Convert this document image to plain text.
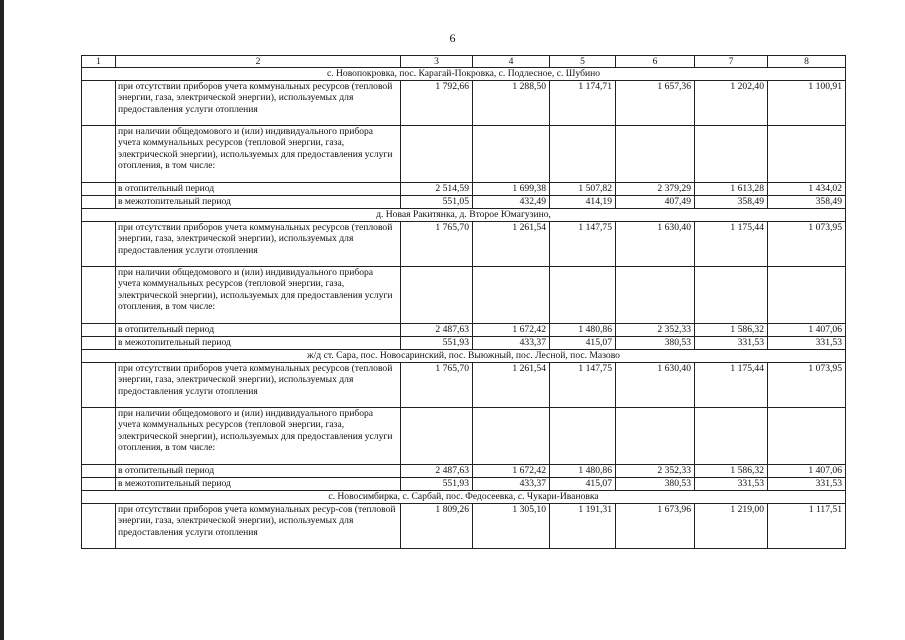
6
1	2	3	4	5	6	7	8
с. Новопокровка, пос. Карагай-Покровка, с. Подлесное, с. Шубино							
	при отсутствии приборов учета коммунальных ресурсов (тепловой энергии, газа, электрической энергии), используемых для предоставления услуги отопления	1 792,66	1 288,50	1 174,71	1 657,36	1 202,40	1 100,91
	при наличии общедомового и (или) индивидуального прибора учета коммунальных ресурсов (тепловой энергии, газа, электрической энергии), используемых для предоставления услуги отопления, в том числе:						
	в отопительный период	2 514,59	1 699,38	1 507,82	2 379,29	1 613,28	1 434,02
	в межотопительный период	551,05	432,49	414,19	407,49	358,49	358,49
д. Новая Ракитянка, д. Второе Юмагузино,							
	при отсутствии приборов учета коммунальных ресурсов (тепловой энергии, газа, электрической энергии), используемых для предоставления услуги отопления	1 765,70	1 261,54	1 147,75	1 630,40	1 175,44	1 073,95
	при наличии общедомового и (или) индивидуального прибора учета коммунальных ресурсов (тепловой энергии, газа, электрической энергии), используемых для предоставления услуги отопления, в том числе:						
	в отопительный период	2 487,63	1 672,42	1 480,86	2 352,33	1 586,32	1 407,06
	в межотопительный период	551,93	433,37	415,07	380,53	331,53	331,53
ж/д ст. Сара, пос. Новосаринский, пос. Выюжный, пос. Лесной, пос. Мазово							
	при отсутствии приборов учета коммунальных ресурсов (тепловой энергии, газа, электрической энергии), используемых для предоставления услуги отопления	1 765,70	1 261,54	1 147,75	1 630,40	1 175,44	1 073,95
	при наличии общедомового и (или) индивидуального прибора учета коммунальных ресурсов (тепловой энергии, газа, электрической энергии), используемых для предоставления услуги отопления, в том числе:						
	в отопительный период	2 487,63	1 672,42	1 480,86	2 352,33	1 586,32	1 407,06
	в межотопительный период	551,93	433,37	415,07	380,53	331,53	331,53
с. Новосимбирка, с. Сарбай, пос. Федосеевка, с. Чукари-Ивановка							
	при отсутствии приборов учета коммунальных ресур-сов (тепловой энергии, газа, электрической энергии), используемых для предоставления услуги отопления	1 809,26	1 305,10	1 191,31	1 673,96	1 219,00	1 117,51
